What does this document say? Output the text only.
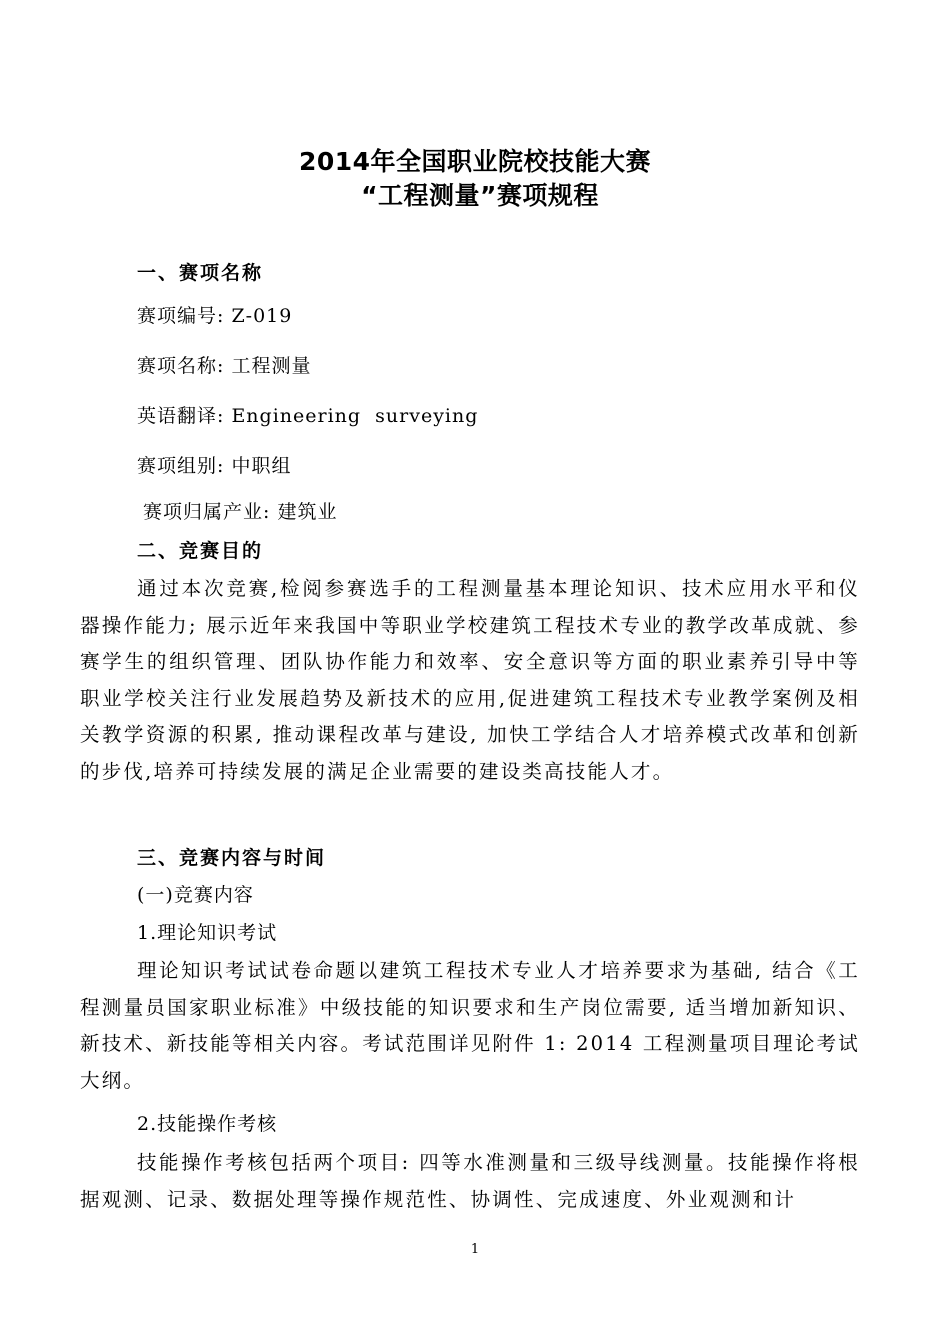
2014年全国职业院校技能大赛
“工程测量”赛项规程
一、赛项名称
赛项编号: Z-019
赛项名称: 工程测量
英语翻译: Engineering  surveying
赛项组别: 中职组
赛项归属产业: 建筑业
二、竞赛目的
通过本次竞赛,检阅参赛选手的工程测量基本理论知识、技术应用水平和仪器操作能力; 展示近年来我国中等职业学校建筑工程技术专业的教学改革成就、参赛学生的组织管理、团队协作能力和效率、安全意识等方面的职业素养引导中等职业学校关注行业发展趋势及新技术的应用,促进建筑工程技术专业教学案例及相关教学资源的积累, 推动课程改革与建设, 加快工学结合人才培养模式改革和创新的步伐,培养可持续发展的满足企业需要的建设类高技能人才。
三、竞赛内容与时间
(一)竞赛内容
1.理论知识考试
理论知识考试试卷命题以建筑工程技术专业人才培养要求为基础, 结合《工程测量员国家职业标准》中级技能的知识要求和生产岗位需要, 适当增加新知识、新技术、新技能等相关内容。考试范围详见附件 1: 2014 工程测量项目理论考试大纲。
2.技能操作考核
技能操作考核包括两个项目: 四等水准测量和三级导线测量。技能操作将根据观测、记录、数据处理等操作规范性、协调性、完成速度、外业观测和计
1
